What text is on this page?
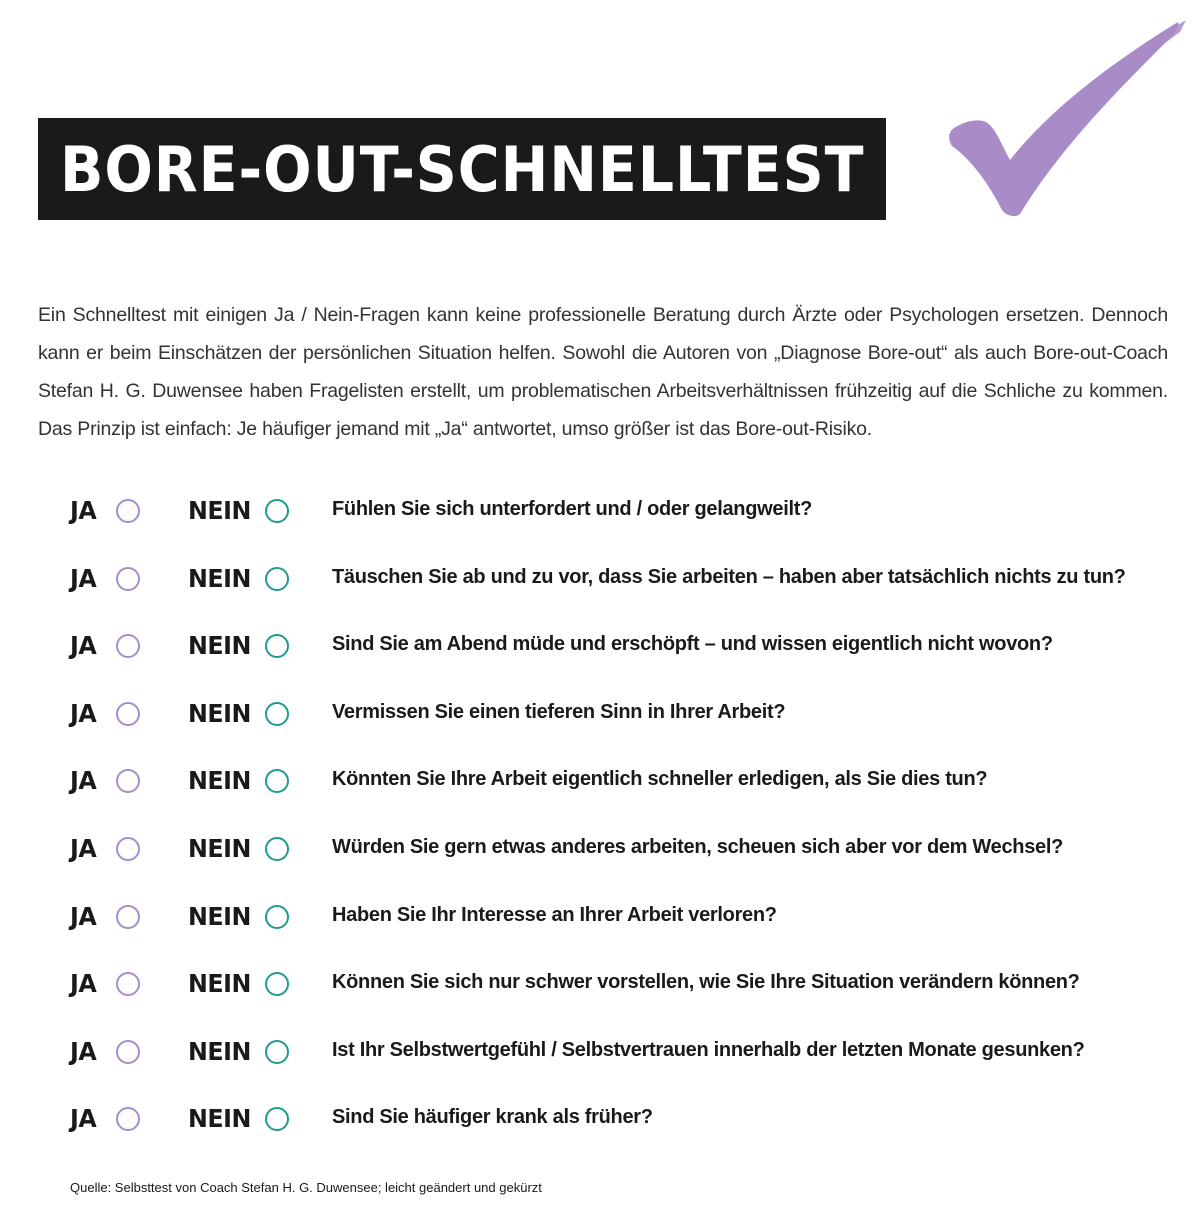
BORE-OUT-SCHNELLTEST

Ein Schnelltest mit einigen Ja / Nein-Fragen kann keine professionelle Beratung durch Ärzte oder Psychologen ersetzen. Dennoch kann er beim Einschätzen der persönlichen Situation helfen. Sowohl die Autoren von „Diagnose Bore-out“ als auch Bore-out-Coach Stefan H. G. Duwensee haben Fragelisten erstellt, um problematischen Arbeitsverhältnissen frühzeitig auf die Schliche zu kommen. Das Prinzip ist einfach: Je häufiger jemand mit „Ja“ antwortet, umso größer ist das Bore-out-Risiko.

JA	NEIN	Fühlen Sie sich unterfordert und / oder gelangweilt?
JA	NEIN	Täuschen Sie ab und zu vor, dass Sie arbeiten – haben aber tatsächlich nichts zu tun?
JA	NEIN	Sind Sie am Abend müde und erschöpft – und wissen eigentlich nicht wovon?
JA	NEIN	Vermissen Sie einen tieferen Sinn in Ihrer Arbeit?
JA	NEIN	Könnten Sie Ihre Arbeit eigentlich schneller erledigen, als Sie dies tun?
JA	NEIN	Würden Sie gern etwas anderes arbeiten, scheuen sich aber vor dem Wechsel?
JA	NEIN	Haben Sie Ihr Interesse an Ihrer Arbeit verloren?
JA	NEIN	Können Sie sich nur schwer vorstellen, wie Sie Ihre Situation verändern können?
JA	NEIN	Ist Ihr Selbstwertgefühl / Selbstvertrauen innerhalb der letzten Monate gesunken?
JA	NEIN	Sind Sie häufiger krank als früher?
Quelle: Selbsttest von Coach Stefan H. G. Duwensee; leicht geändert und gekürzt
